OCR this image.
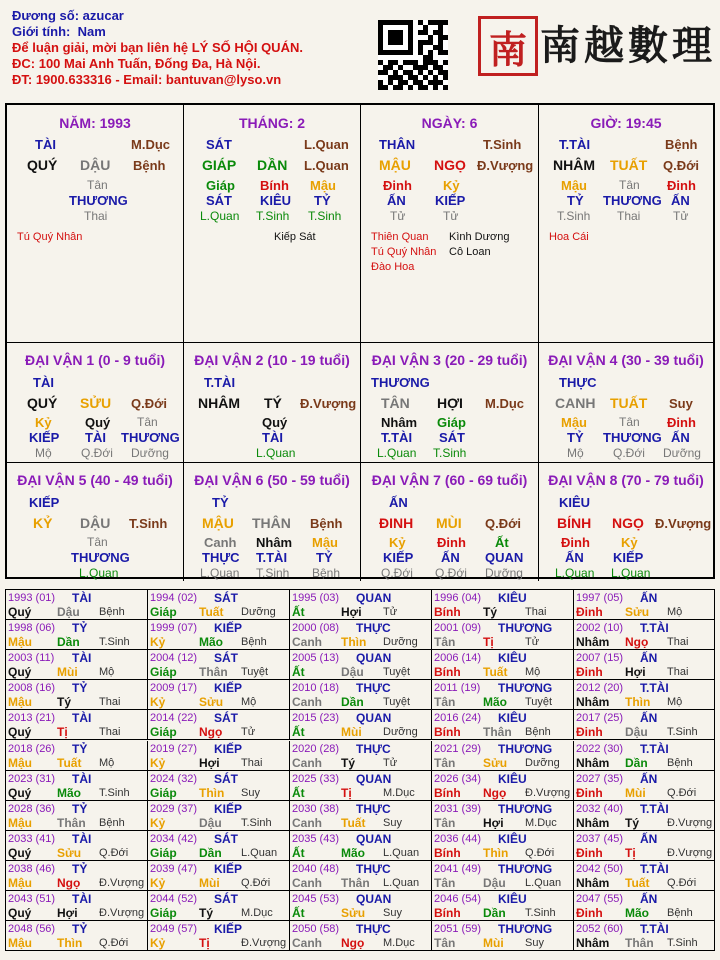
Đương số: azucar
Giới tính: Nam
Để luận giải, mời bạn liên hệ LÝ SỐ HỘI QUÁN.
ĐC: 100 Mai Anh Tuấn, Đống Đa, Hà Nội.
ĐT: 1900.633316 - Email: bantuvan@lyso.vn
南 南越數理
NĂM: 1993
TÀI	M.Dục
QUÝ DẬU Bệnh
Tân
THƯƠNG
Thai
Tú Quý Nhân
THÁNG: 2
SÁT	L.Quan
GIÁP DẦN L.Quan
Giáp Bính Mậu
SÁT KIÊU TỶ
L.Quan T.Sinh T.Sinh
Kiếp Sát
NGÀY: 6
THÂN	T.Sinh
MẬU NGỌ Đ.Vượng
Đinh Kỷ
ẤN KIẾP
Tử	Tử
Thiên Quan Kình Dương
Tú Quý Nhân Cô Loan
Đào Hoa
GIỜ: 19:45
T.TÀI	Bệnh
NHÂM TUẤT Q.Đới
Mậu	Tân Đinh
TỶ THƯƠNG ẤN
T.Sinh Thai	Tử
Hoa Cái
ĐẠI VẬN 1 (0 - 9 tuổi)
TÀI
QUÝ SỬU Q.Đới
Kỷ	Quý Tân
KIẾP TÀI THƯƠNG
Mộ Q.Đới Dưỡng
ĐẠI VẬN 2 (10 - 19 tuổi)
T.TÀI
NHÂM TÝ Đ.Vượng
Quý
TÀI
L.Quan
ĐẠI VẬN 3 (20 - 29 tuổi)
THƯƠNG
TÂN HỢI M.Dục
Nhâm Giáp
T.TÀI SÁT
L.Quan T.Sinh
ĐẠI VẬN 4 (30 - 39 tuổi)
THỰC
CANH TUẤT Suy
Mậu	Tân Đinh
TỶ THƯƠNG ẤN
Mộ Q.Đới Dưỡng
ĐẠI VẬN 5 (40 - 49 tuổi)
KIẾP
KỶ DẬU T.Sinh
Tân
THƯƠNG
L.Quan
ĐẠI VẬN 6 (50 - 59 tuổi)
TỶ
MẬU THÂN Bệnh
Canh Nhâm Mậu
THỰC T.TÀI TỶ
L.Quan T.Sinh Bệnh
ĐẠI VẬN 7 (60 - 69 tuổi)
ẤN
ĐINH MÙI Q.Đới
Kỷ Đinh Ất
KIẾP ẤN QUAN
Q.Đới Q.Đới Dưỡng
ĐẠI VẬN 8 (70 - 79 tuổi)
KIÊU
BÍNH NGỌ Đ.Vượng
Đinh Kỷ
ẤN KIẾP
L.Quan L.Quan
1993 (01) TÀI
Quý Dậu Bệnh
1994 (02) SÁT
Giáp Tuất Dưỡng
1995 (03) QUAN
Ất	Hợi Tử
1996 (04) KIÊU
Bính Tý	Thai
1997 (05) ẤN
Đinh Sửu Mộ
1998 (06) TỶ
Mậu Dần T.Sinh
1999 (07) KIẾP
Kỷ	Mão Bệnh
2000 (08) THỰC
Canh Thìn Dưỡng
2001 (09) THƯƠNG
Tân Tị	Tử
2002 (10) T.TÀI
Nhâm Ngọ Thai
2003 (11) TÀI
Quý Mùi Mộ
2004 (12) SÁT
Giáp Thân Tuyệt
2005 (13) QUAN
Ất	Dậu Tuyệt
2006 (14) KIÊU
Bính Tuất Mộ
2007 (15) ẤN
Đinh Hợi Thai
2008 (16) TỶ
Mậu Tý	Thai
2009 (17) KIẾP
Kỷ	Sửu Mộ
2010 (18) THỰC
Canh Dần Tuyệt
2011 (19) THƯƠNG
Tân Mão Tuyệt
2012 (20) T.TÀI
Nhâm Thìn Mộ
2013 (21) TÀI
Quý Tị	Thai
2014 (22) SÁT
Giáp Ngọ Tử
2015 (23) QUAN
Ất	Mùi Dưỡng
2016 (24) KIÊU
Bính Thân Bệnh
2017 (25) ẤN
Đinh Dậu T.Sinh
2018 (26) TỶ
Mậu Tuất Mộ
2019 (27) KIẾP
Kỷ	Hợi Thai
2020 (28) THỰC
Canh Tý	Tử
2021 (29) THƯƠNG
Tân Sửu Dưỡng
2022 (30) T.TÀI
Nhâm Dần Bệnh
2023 (31) TÀI
Quý Mão T.Sinh
2024 (32) SÁT
Giáp Thìn Suy
2025 (33) QUAN
Ất	Tị	M.Dục
2026 (34) KIÊU
Bính Ngọ Đ.Vượng
2027 (35) ẤN
Đinh Mùi Q.Đới
2028 (36) TỶ
Mậu Thân Bệnh
2029 (37) KIẾP
Kỷ	Dậu T.Sinh
2030 (38) THỰC
Canh Tuất Suy
2031 (39) THƯƠNG
Tân Hợi M.Dục
2032 (40) T.TÀI
Nhâm Tý	Đ.Vượng
2033 (41) TÀI
Quý Sửu Q.Đới
2034 (42) SÁT
Giáp Dần L.Quan
2035 (43) QUAN
Ất	Mão L.Quan
2036 (44) KIÊU
Bính Thìn Q.Đới
2037 (45) ẤN
Đinh Tị	Đ.Vượng
2038 (46) TỶ
Mậu Ngọ Đ.Vượng
2039 (47) KIẾP
Kỷ	Mùi Q.Đới
2040 (48) THỰC
Canh Thân L.Quan
2041 (49) THƯƠNG
Tân Dậu L.Quan
2042 (50) T.TÀI
Nhâm Tuất Q.Đới
2043 (51) TÀI
Quý Hợi Đ.Vượng
2044 (52) SÁT
Giáp Tý	M.Dục
2045 (53) QUAN
Ất	Sửu Suy
2046 (54) KIÊU
Bính Dần T.Sinh
2047 (55) ẤN
Đinh Mão Bệnh
2048 (56) TỶ
Mậu Thìn Q.Đới
2049 (57) KIẾP
Kỷ	Tị	Đ.Vượng
2050 (58) THỰC
Canh Ngọ M.Dục
2051 (59) THƯƠNG
Tân Mùi Suy
2052 (60) T.TÀI
Nhâm Thân T.Sinh
